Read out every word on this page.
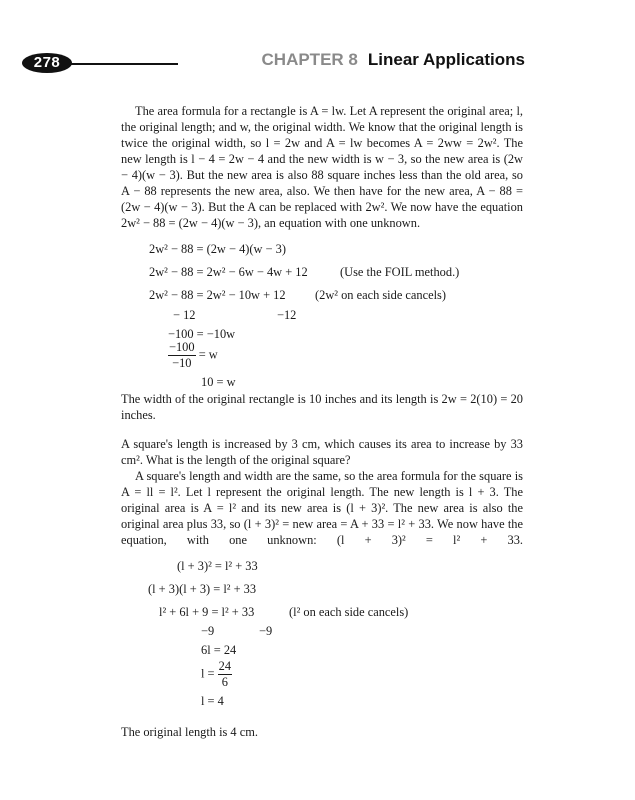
278	CHAPTER 8 Linear Applications

The area formula for a rectangle is A = lw. Let A represent the original area; l, the original length; and w, the original width. We know that the original length is twice the original width, so l = 2w and A = lw becomes A = 2ww = 2w². The new length is l − 4 = 2w − 4 and the new width is w − 3, so the new area is (2w − 4)(w − 3). But the new area is also 88 square inches less than the old area, so A − 88 represents the new area, also. We then have for the new area, A − 88 = (2w − 4)(w − 3). But the A can be replaced with 2w². We now have the equation 2w² − 88 = (2w − 4)(w − 3), an equation with one unknown.

2w² − 88 = (2w − 4)(w − 3)
2w² − 88 = 2w² − 6w − 4w + 12	(Use the FOIL method.)
2w² − 88 = 2w² − 10w + 12 (2w² on each side cancels)
− 12	−12
−100 = −10w
$\frac{-100}{-10} = w$
10 = w

The width of the original rectangle is 10 inches and its length is 2w = 2(10) = 20 inches.

A square's length is increased by 3 cm, which causes its area to increase by 33 cm². What is the length of the original square?

A square's length and width are the same, so the area formula for the square is A = ll = l². Let l represent the original length. The new length is l + 3. The original area is A = l² and its new area is (l + 3)². The new area is also the original area plus 33, so (l + 3)² = new area = A + 33 = l² + 33. We now have the equation, with one unknown: (l + 3)² = l² + 33.

(l + 3)² = l² + 33
(l + 3)(l + 3) = l² + 33
l² + 6l + 9 = l² + 33	(l² on each side cancels)
−9	−9
6l = 24
$l = \frac{24}{6}$
l = 4

The original length is 4 cm.
